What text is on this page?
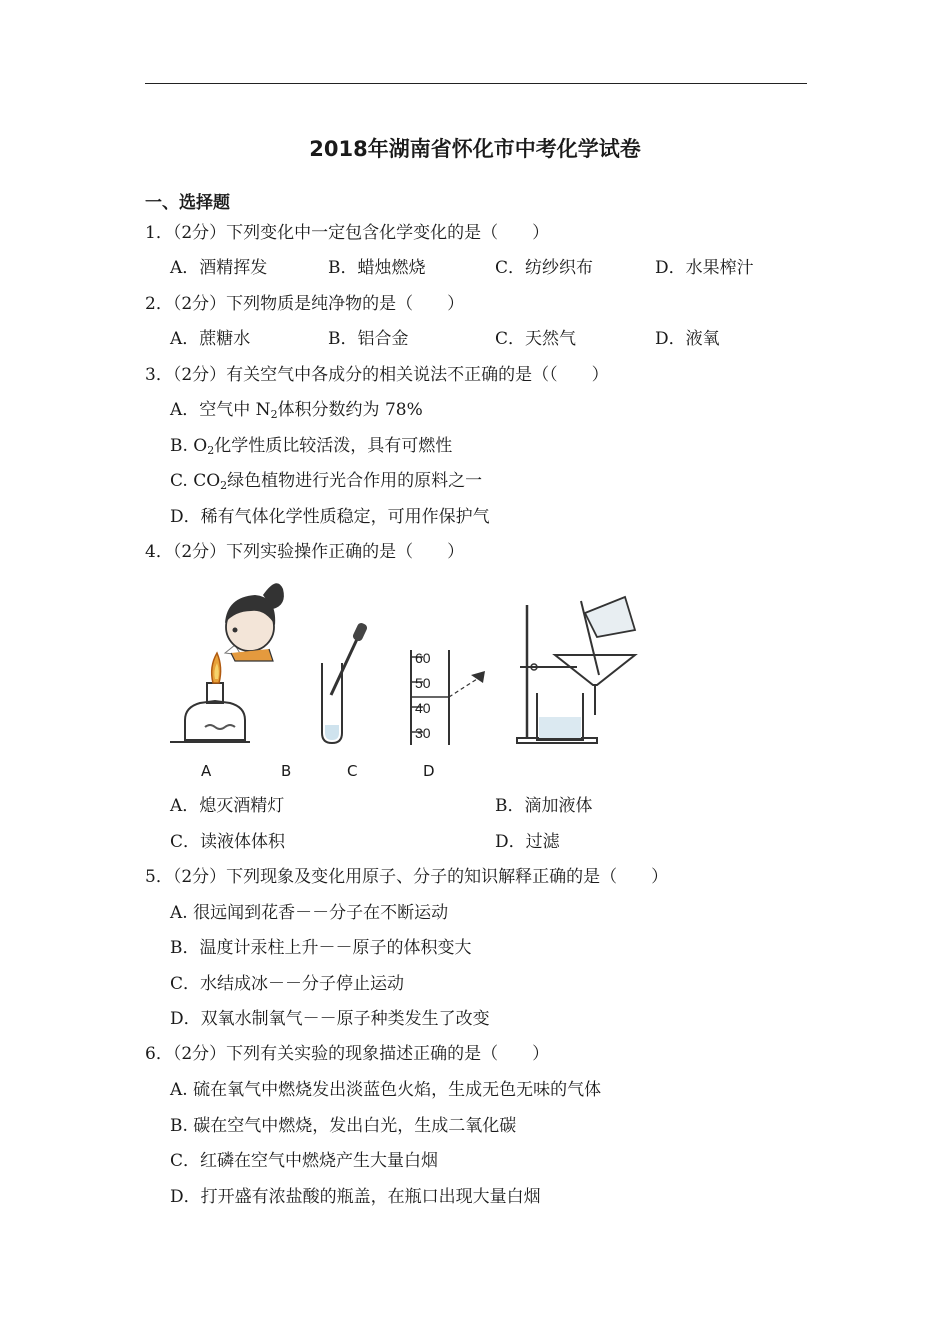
2018年湖南省怀化市中考化学试卷
一、选择题
1．（2分）下列变化中一定包含化学变化的是（　　）
A．酒精挥发	B．蜡烛燃烧	C．纺纱织布	D．水果榨汁
2．（2分）下列物质是纯净物的是（　　）
A．蔗糖水	B．铝合金	C．天然气	D．液氧
3．（2分）有关空气中各成分的相关说法不正确的是（（　　）
A．空气中 $N_2$体积分数约为 78%
B. $O_2$化学性质比较活泼，具有可燃性
C. $CO_2$绿色植物进行光合作用的原料之一
D．稀有气体化学性质稳定，可用作保护气
4．（2分）下列实验操作正确的是（　　）
60
50
40
30
A	B	C	D
A．熄灭酒精灯	B．滴加液体
C．读液体体积	D．过滤
5．（2分）下列现象及变化用原子、分子的知识解释正确的是（　　）
A. 很远闻到花香－－分子在不断运动
B．温度计汞柱上升－－原子的体积变大
C．水结成冰－－分子停止运动
D．双氧水制氧气－－原子种类发生了改变
6．（2分）下列有关实验的现象描述正确的是（　　）
A. 硫在氧气中燃烧发出淡蓝色火焰，生成无色无味的气体
B. 碳在空气中燃烧，发出白光，生成二氧化碳
C．红磷在空气中燃烧产生大量白烟
D．打开盛有浓盐酸的瓶盖，在瓶口出现大量白烟
